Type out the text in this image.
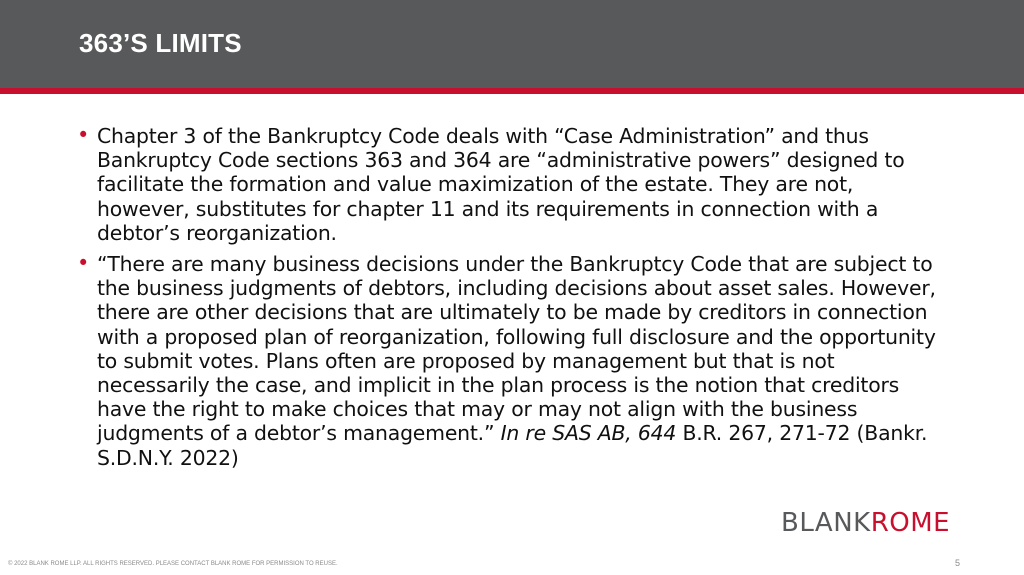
363’S LIMITS
• Chapter 3 of the Bankruptcy Code deals with “Case Administration” and thus Bankruptcy Code sections 363 and 364 are “administrative powers” designed to facilitate the formation and value maximization of the estate. They are not, however, substitutes for chapter 11 and its requirements in connection with a debtor’s reorganization.
• “There are many business decisions under the Bankruptcy Code that are subject to the business judgments of debtors, including decisions about asset sales. However, there are other decisions that are ultimately to be made by creditors in connection with a proposed plan of reorganization, following full disclosure and the opportunity to submit votes. Plans often are proposed by management but that is not necessarily the case, and implicit in the plan process is the notion that creditors have the right to make choices that may or may not align with the business judgments of a debtor’s management.” In re SAS AB, 644 B.R. 267, 271-72 (Bankr. S.D.N.Y. 2022)
BLANKROME
© 2022 BLANK ROME LLP. ALL RIGHTS RESERVED. PLEASE CONTACT BLANK ROME FOR PERMISSION TO REUSE.	5
